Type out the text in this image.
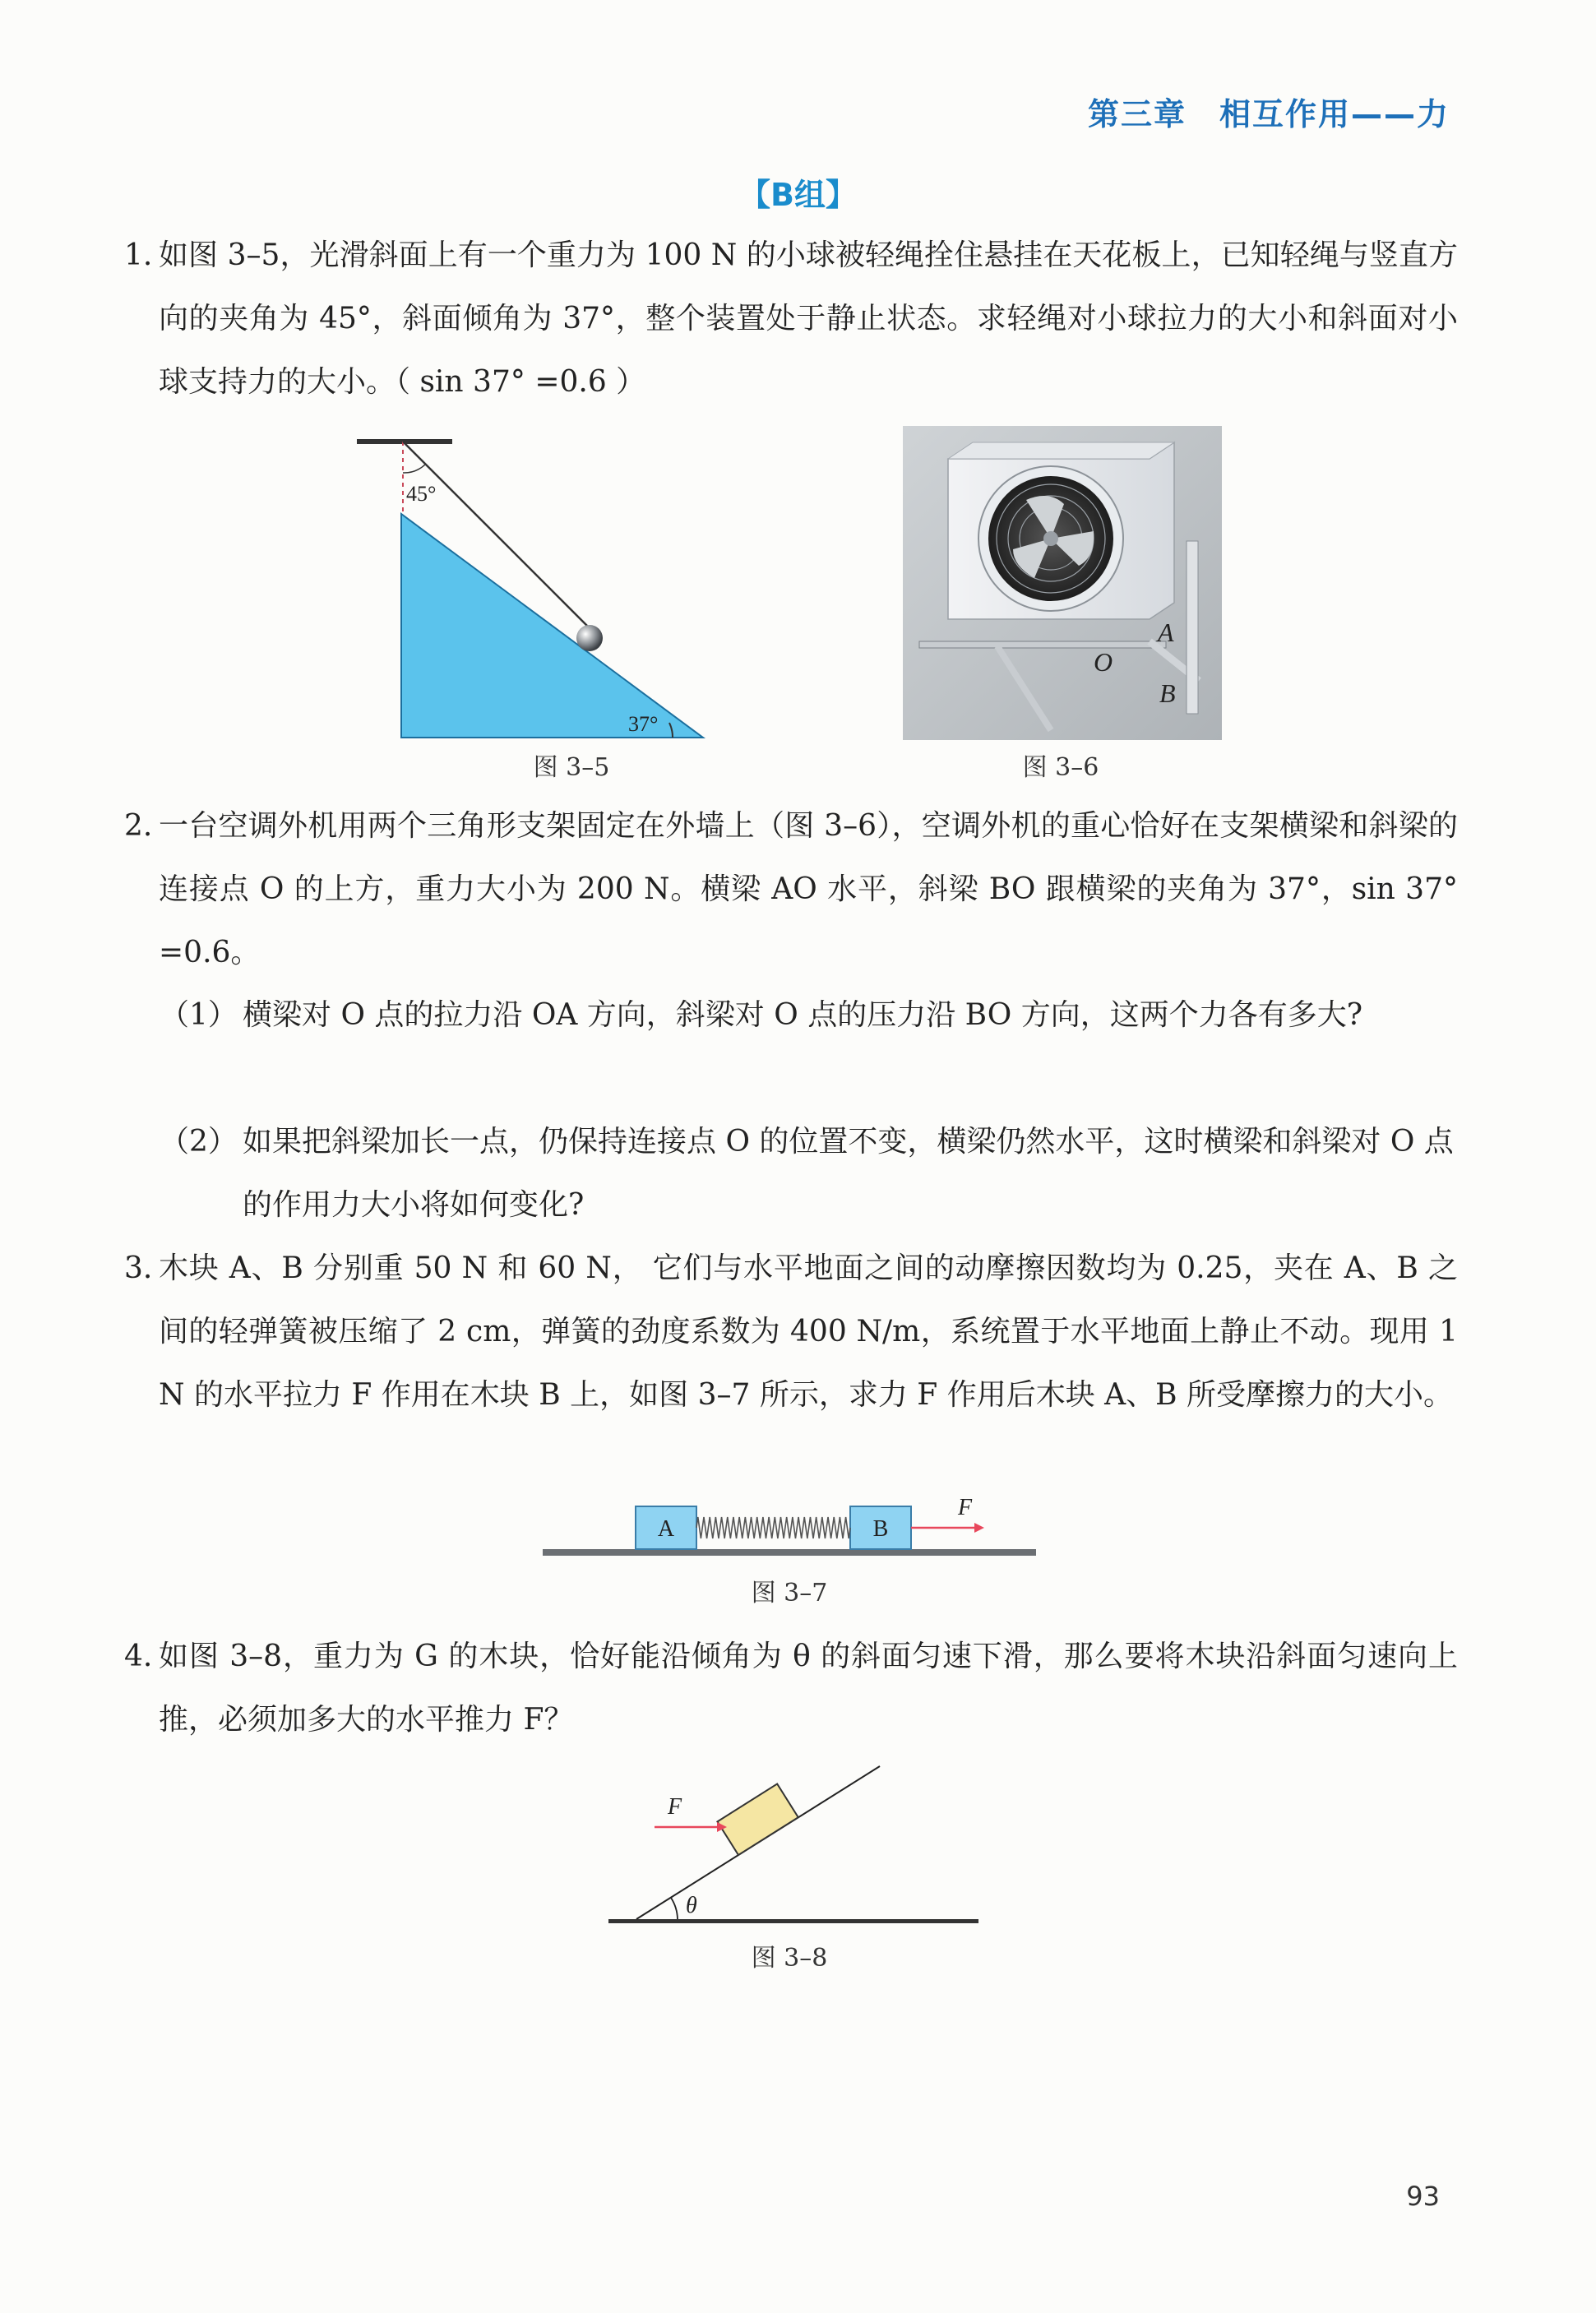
第三章 相互作用——力
【B组】
1. 如图 3–5，光滑斜面上有一个重力为 100 N 的小球被轻绳拴住悬挂在天花板上，已知轻绳与竖直方向的夹角为 45°，斜面倾角为 37°，整个装置处于静止状态。求轻绳对小球拉力的大小和斜面对小球支持力的大小。（ sin 37° =0.6 ）
45°
37°
图 3–5
A
O
B
图 3–6
2. 一台空调外机用两个三角形支架固定在外墙上（图 3–6），空调外机的重心恰好在支架横梁和斜梁的连接点 O 的上方，重力大小为 200 N。横梁 AO 水平，斜梁 BO 跟横梁的夹角为 37°，sin 37° =0.6。
（1） 横梁对 O 点的拉力沿 OA 方向，斜梁对 O 点的压力沿 BO 方向，这两个力各有多大?
（2） 如果把斜梁加长一点，仍保持连接点 O 的位置不变，横梁仍然水平，这时横梁和斜梁对 O 点的作用力大小将如何变化?
3. 木块 A、B 分别重 50 N 和 60 N， 它们与水平地面之间的动摩擦因数均为 0.25，夹在 A、B 之间的轻弹簧被压缩了 2 cm，弹簧的劲度系数为 400 N/m，系统置于水平地面上静止不动。现用 1 N 的水平拉力 F 作用在木块 B 上，如图 3–7 所示，求力 F 作用后木块 A、B 所受摩擦力的大小。
A	B
F
图 3–7
4. 如图 3–8，重力为 G 的木块，恰好能沿倾角为 θ 的斜面匀速下滑，那么要将木块沿斜面匀速向上推，必须加多大的水平推力 F？
F
θ
图 3–8
93
